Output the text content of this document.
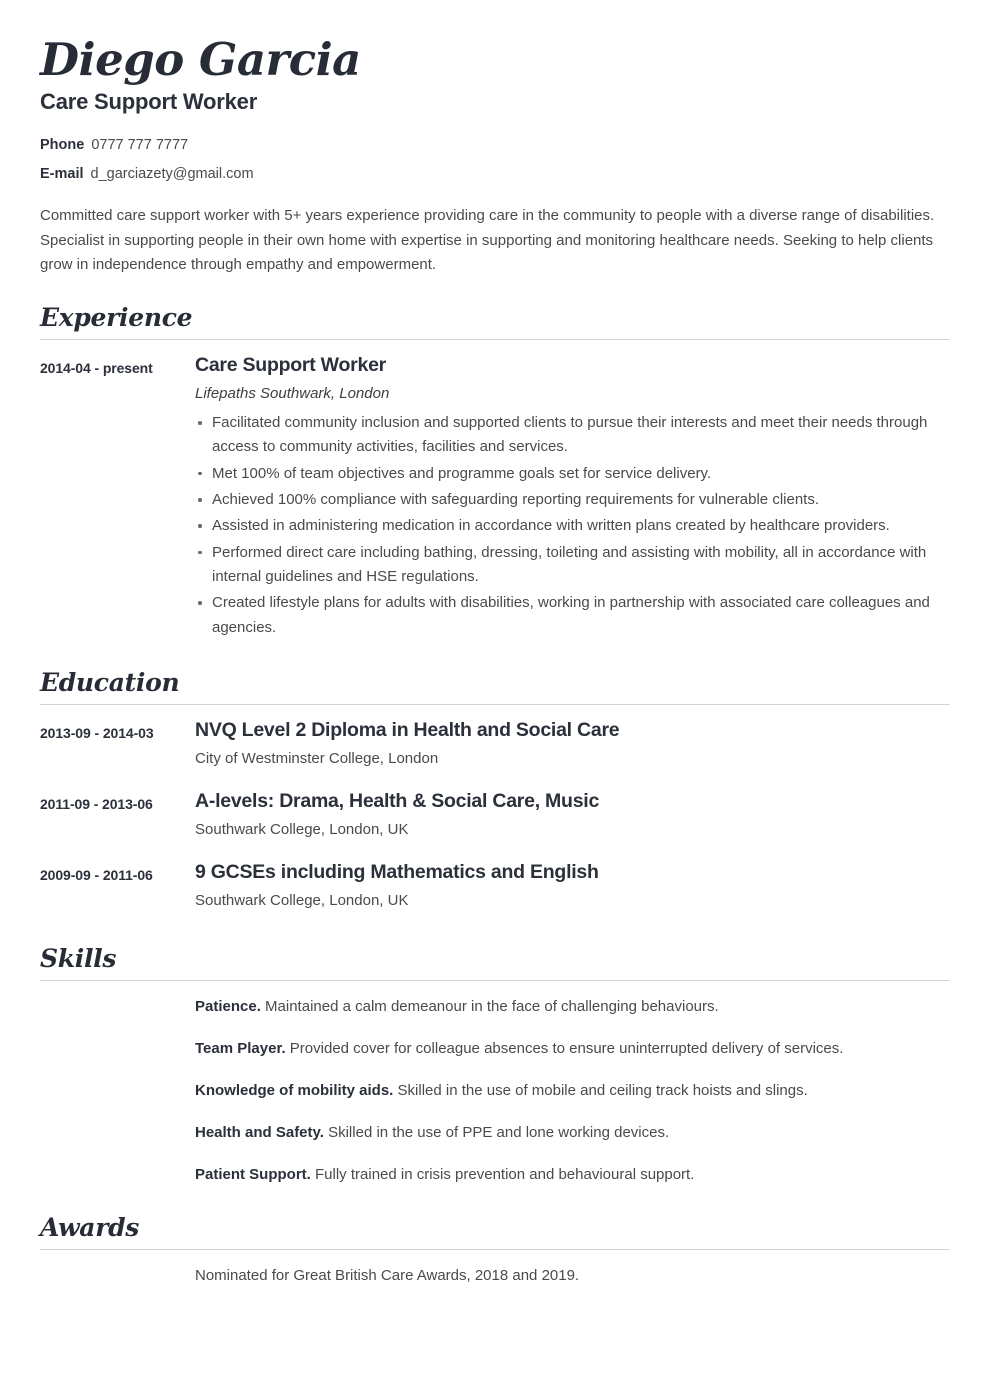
Diego Garcia
Care Support Worker
Phone 0777 777 7777
E-mail d_garciazety@gmail.com

Committed care support worker with 5+ years experience providing care in the community to people with a diverse range of disabilities. Specialist in supporting people in their own home with expertise in supporting and monitoring healthcare needs. Seeking to help clients grow in independence through empathy and empowerment.

Experience
2014-04 - present	Care Support Worker
Lifepaths Southwark, London
Facilitated community inclusion and supported clients to pursue their interests and meet their needs through access to community activities, facilities and services.
Met 100% of team objectives and programme goals set for service delivery.
Achieved 100% compliance with safeguarding reporting requirements for vulnerable clients.
Assisted in administering medication in accordance with written plans created by healthcare providers.
Performed direct care including bathing, dressing, toileting and assisting with mobility, all in accordance with internal guidelines and HSE regulations.
Created lifestyle plans for adults with disabilities, working in partnership with associated care colleagues and agencies.
Education
2013-09 - 2014-03	NVQ Level 2 Diploma in Health and Social Care
City of Westminster College, London
2011-09 - 2013-06	A-levels: Drama, Health & Social Care, Music
Southwark College, London, UK
2009-09 - 2011-06	9 GCSEs including Mathematics and English
Southwark College, London, UK
Skills
Patience. Maintained a calm demeanour in the face of challenging behaviours.
Team Player. Provided cover for colleague absences to ensure uninterrupted delivery of services.
Knowledge of mobility aids. Skilled in the use of mobile and ceiling track hoists and slings.
Health and Safety. Skilled in the use of PPE and lone working devices.
Patient Support. Fully trained in crisis prevention and behavioural support.
Awards
Nominated for Great British Care Awards, 2018 and 2019.
